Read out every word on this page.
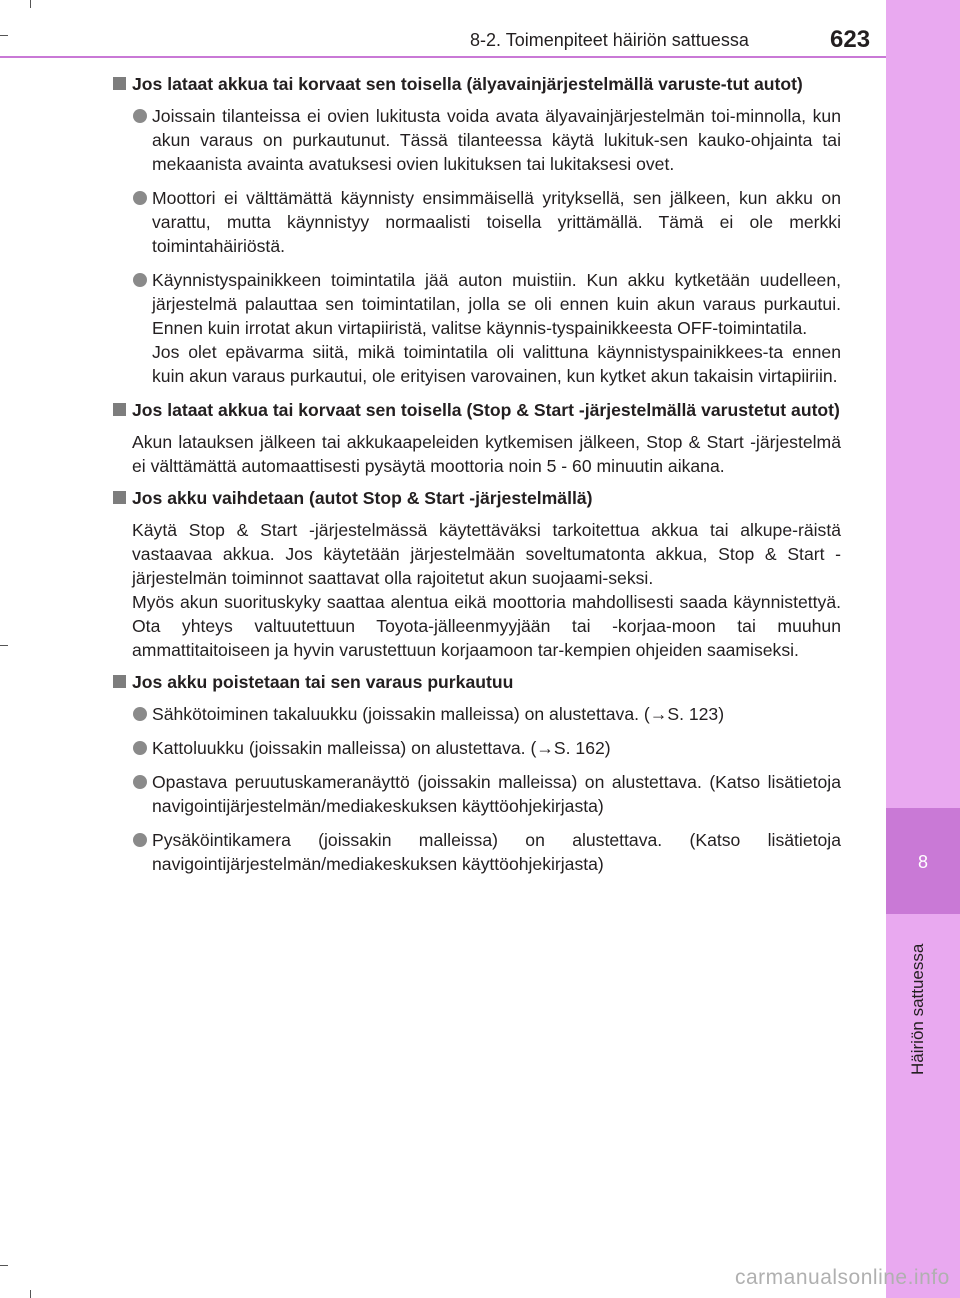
8
Häiriön sattuessa
8-2. Toimenpiteet häiriön sattuessa	623
Jos lataat akkua tai korvaat sen toisella (älyavainjärjestelmällä varuste-tut autot)
Joissain tilanteissa ei ovien lukitusta voida avata älyavainjärjestelmän toi-minnolla, kun akun varaus on purkautunut. Tässä tilanteessa käytä lukituk-sen kauko-ohjainta tai mekaanista avainta avatuksesi ovien lukituksen tai lukitaksesi ovet.
Moottori ei välttämättä käynnisty ensimmäisellä yrityksellä, sen jälkeen, kun akku on varattu, mutta käynnistyy normaalisti toisella yrittämällä. Tämä ei ole merkki toimintahäiriöstä.
Käynnistyspainikkeen toimintatila jää auton muistiin. Kun akku kytketään uudelleen, järjestelmä palauttaa sen toimintatilan, jolla se oli ennen kuin akun varaus purkautui. Ennen kuin irrotat akun virtapiiristä, valitse käynnis-tyspainikkeesta OFF-toimintatila.
Jos olet epävarma siitä, mikä toimintatila oli valittuna käynnistyspainikkees-ta ennen kuin akun varaus purkautui, ole erityisen varovainen, kun kytket akun takaisin virtapiiriin.
Jos lataat akkua tai korvaat sen toisella (Stop & Start -järjestelmällä varustetut autot)
Akun latauksen jälkeen tai akkukaapeleiden kytkemisen jälkeen, Stop & Start -järjestelmä ei välttämättä automaattisesti pysäytä moottoria noin 5 - 60 minuutin aikana.
Jos akku vaihdetaan (autot Stop & Start -järjestelmällä)
Käytä Stop & Start -järjestelmässä käytettäväksi tarkoitettua akkua tai alkupe-räistä vastaavaa akkua. Jos käytetään järjestelmään soveltumatonta akkua, Stop & Start -järjestelmän toiminnot saattavat olla rajoitetut akun suojaami-seksi.
Myös akun suorituskyky saattaa alentua eikä moottoria mahdollisesti saada käynnistettyä. Ota yhteys valtuutettuun Toyota-jälleenmyyjään tai -korjaa-moon tai muuhun ammattitaitoiseen ja hyvin varustettuun korjaamoon tar-kempien ohjeiden saamiseksi.
Jos akku poistetaan tai sen varaus purkautuu
Sähkötoiminen takaluukku (joissakin malleissa) on alustettava. (→S. 123)
Kattoluukku (joissakin malleissa) on alustettava. (→S. 162)
Opastava peruutuskameranäyttö (joissakin malleissa) on alustettava. (Katso lisätietoja navigointijärjestelmän/mediakeskuksen käyttöohjekirjasta)
Pysäköintikamera (joissakin malleissa) on alustettava. (Katso lisätietoja navigointijärjestelmän/mediakeskuksen käyttöohjekirjasta)
carmanualsonline.info
